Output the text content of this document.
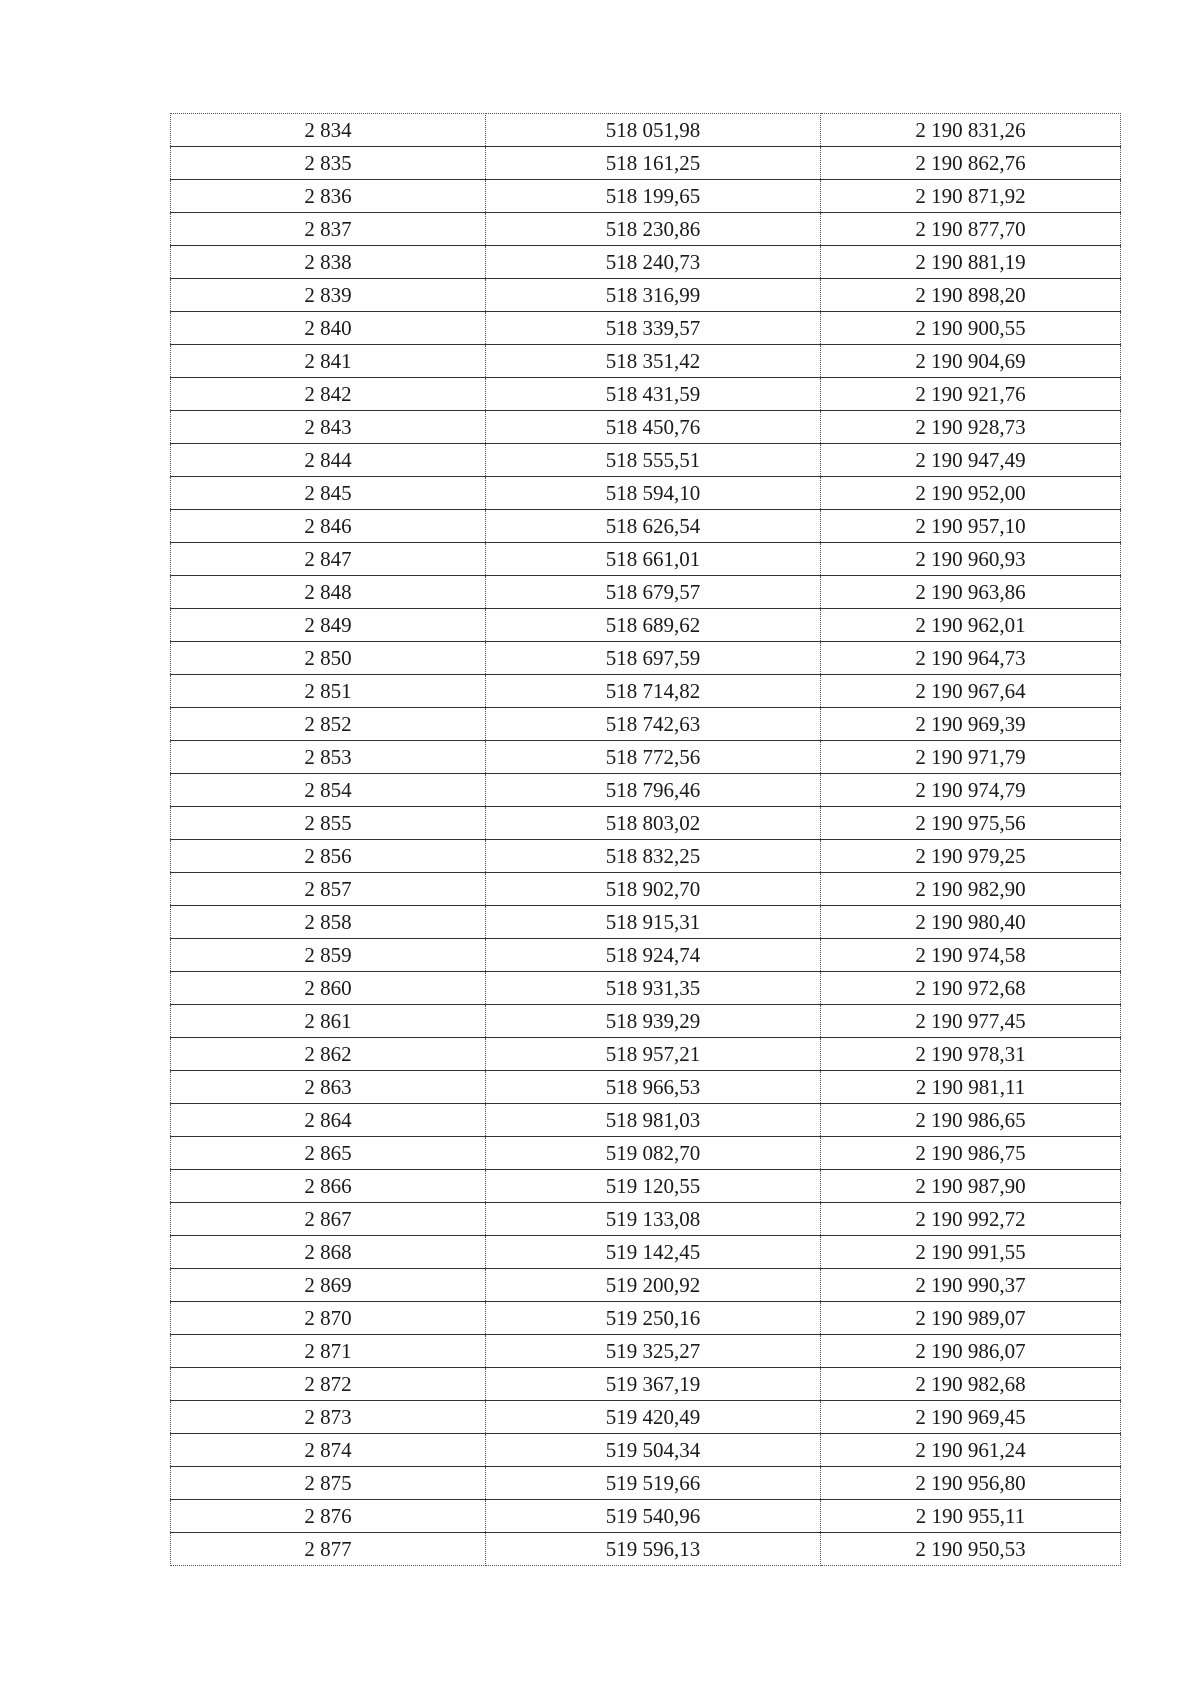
2 834	518 051,98	2 190 831,26
2 835	518 161,25	2 190 862,76
2 836	518 199,65	2 190 871,92
2 837	518 230,86	2 190 877,70
2 838	518 240,73	2 190 881,19
2 839	518 316,99	2 190 898,20
2 840	518 339,57	2 190 900,55
2 841	518 351,42	2 190 904,69
2 842	518 431,59	2 190 921,76
2 843	518 450,76	2 190 928,73
2 844	518 555,51	2 190 947,49
2 845	518 594,10	2 190 952,00
2 846	518 626,54	2 190 957,10
2 847	518 661,01	2 190 960,93
2 848	518 679,57	2 190 963,86
2 849	518 689,62	2 190 962,01
2 850	518 697,59	2 190 964,73
2 851	518 714,82	2 190 967,64
2 852	518 742,63	2 190 969,39
2 853	518 772,56	2 190 971,79
2 854	518 796,46	2 190 974,79
2 855	518 803,02	2 190 975,56
2 856	518 832,25	2 190 979,25
2 857	518 902,70	2 190 982,90
2 858	518 915,31	2 190 980,40
2 859	518 924,74	2 190 974,58
2 860	518 931,35	2 190 972,68
2 861	518 939,29	2 190 977,45
2 862	518 957,21	2 190 978,31
2 863	518 966,53	2 190 981,11
2 864	518 981,03	2 190 986,65
2 865	519 082,70	2 190 986,75
2 866	519 120,55	2 190 987,90
2 867	519 133,08	2 190 992,72
2 868	519 142,45	2 190 991,55
2 869	519 200,92	2 190 990,37
2 870	519 250,16	2 190 989,07
2 871	519 325,27	2 190 986,07
2 872	519 367,19	2 190 982,68
2 873	519 420,49	2 190 969,45
2 874	519 504,34	2 190 961,24
2 875	519 519,66	2 190 956,80
2 876	519 540,96	2 190 955,11
2 877	519 596,13	2 190 950,53
